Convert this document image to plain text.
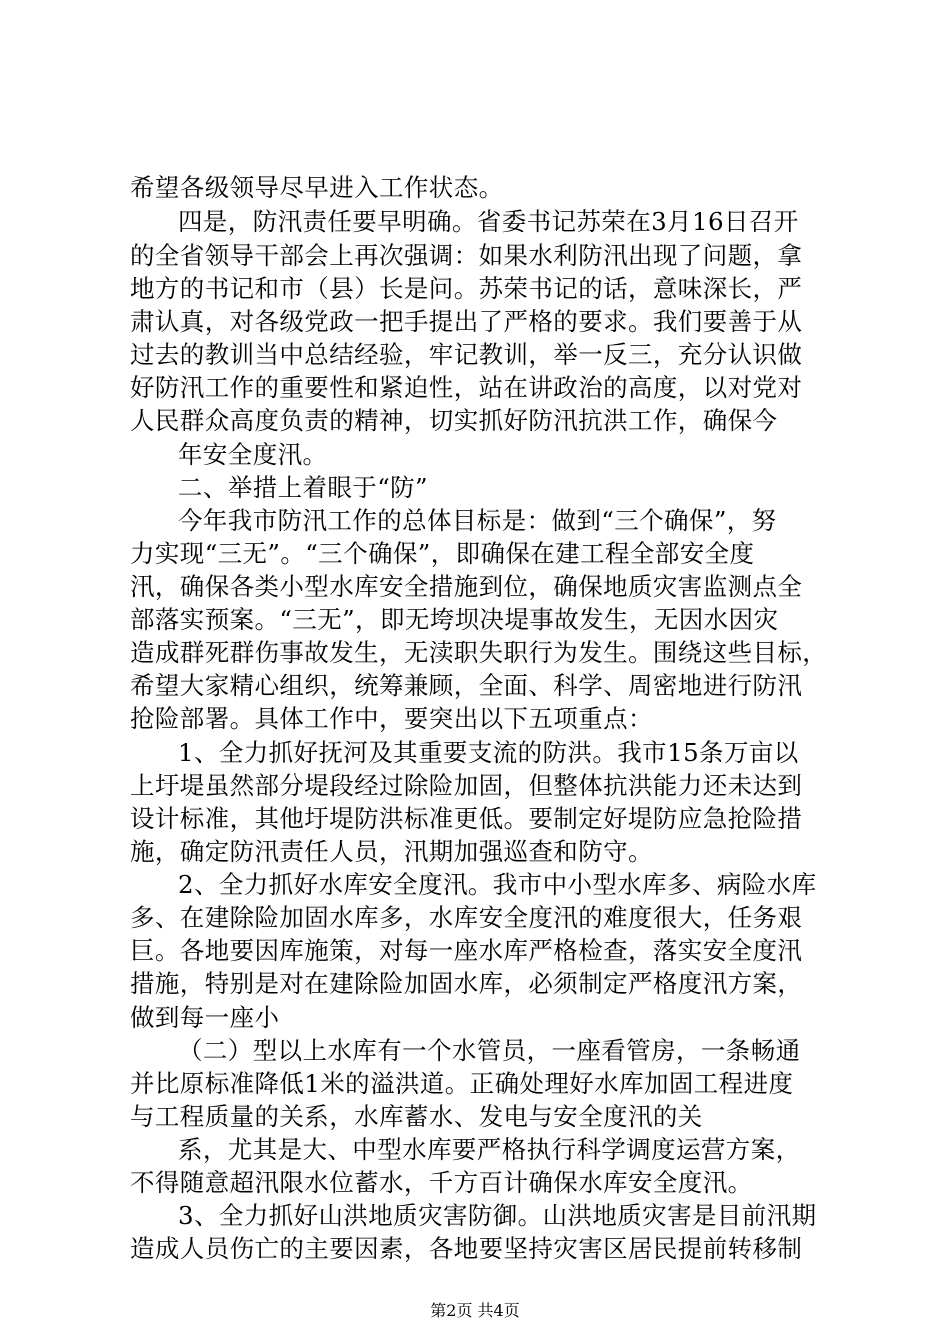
希望各级领导尽早进入工作状态。
四是，防汛责任要早明确。省委书记苏荣在3月16日召开
的全省领导干部会上再次强调：如果水利防汛出现了问题，拿
地方的书记和市（县）长是问。苏荣书记的话，意味深长，严
肃认真，对各级党政一把手提出了严格的要求。我们要善于从
过去的教训当中总结经验，牢记教训，举一反三，充分认识做
好防汛工作的重要性和紧迫性，站在讲政治的高度，以对党对
人民群众高度负责的精神，切实抓好防汛抗洪工作，确保今
年安全度汛。
二、举措上着眼于“防”
今年我市防汛工作的总体目标是：做到“三个确保”，努
力实现“三无”。“三个确保”，即确保在建工程全部安全度
汛，确保各类小型水库安全措施到位，确保地质灾害监测点全
部落实预案。“三无”，即无垮坝决堤事故发生，无因水因灾
造成群死群伤事故发生，无渎职失职行为发生。围绕这些目标，
希望大家精心组织，统筹兼顾，全面、科学、周密地进行防汛
抢险部署。具体工作中，要突出以下五项重点：
1、全力抓好抚河及其重要支流的防洪。我市15条万亩以
上圩堤虽然部分堤段经过除险加固，但整体抗洪能力还未达到
设计标准，其他圩堤防洪标准更低。要制定好堤防应急抢险措
施，确定防汛责任人员，汛期加强巡查和防守。
2、全力抓好水库安全度汛。我市中小型水库多、病险水库
多、在建除险加固水库多，水库安全度汛的难度很大，任务艰
巨。各地要因库施策，对每一座水库严格检查，落实安全度汛
措施，特别是对在建除险加固水库，必须制定严格度汛方案，
做到每一座小
（二）型以上水库有一个水管员，一座看管房，一条畅通
并比原标准降低1米的溢洪道。正确处理好水库加固工程进度
与工程质量的关系，水库蓄水、发电与安全度汛的关
系，尤其是大、中型水库要严格执行科学调度运营方案，
不得随意超汛限水位蓄水，千方百计确保水库安全度汛。
3、全力抓好山洪地质灾害防御。山洪地质灾害是目前汛期
造成人员伤亡的主要因素，各地要坚持灾害区居民提前转移制
第2页 共4页
